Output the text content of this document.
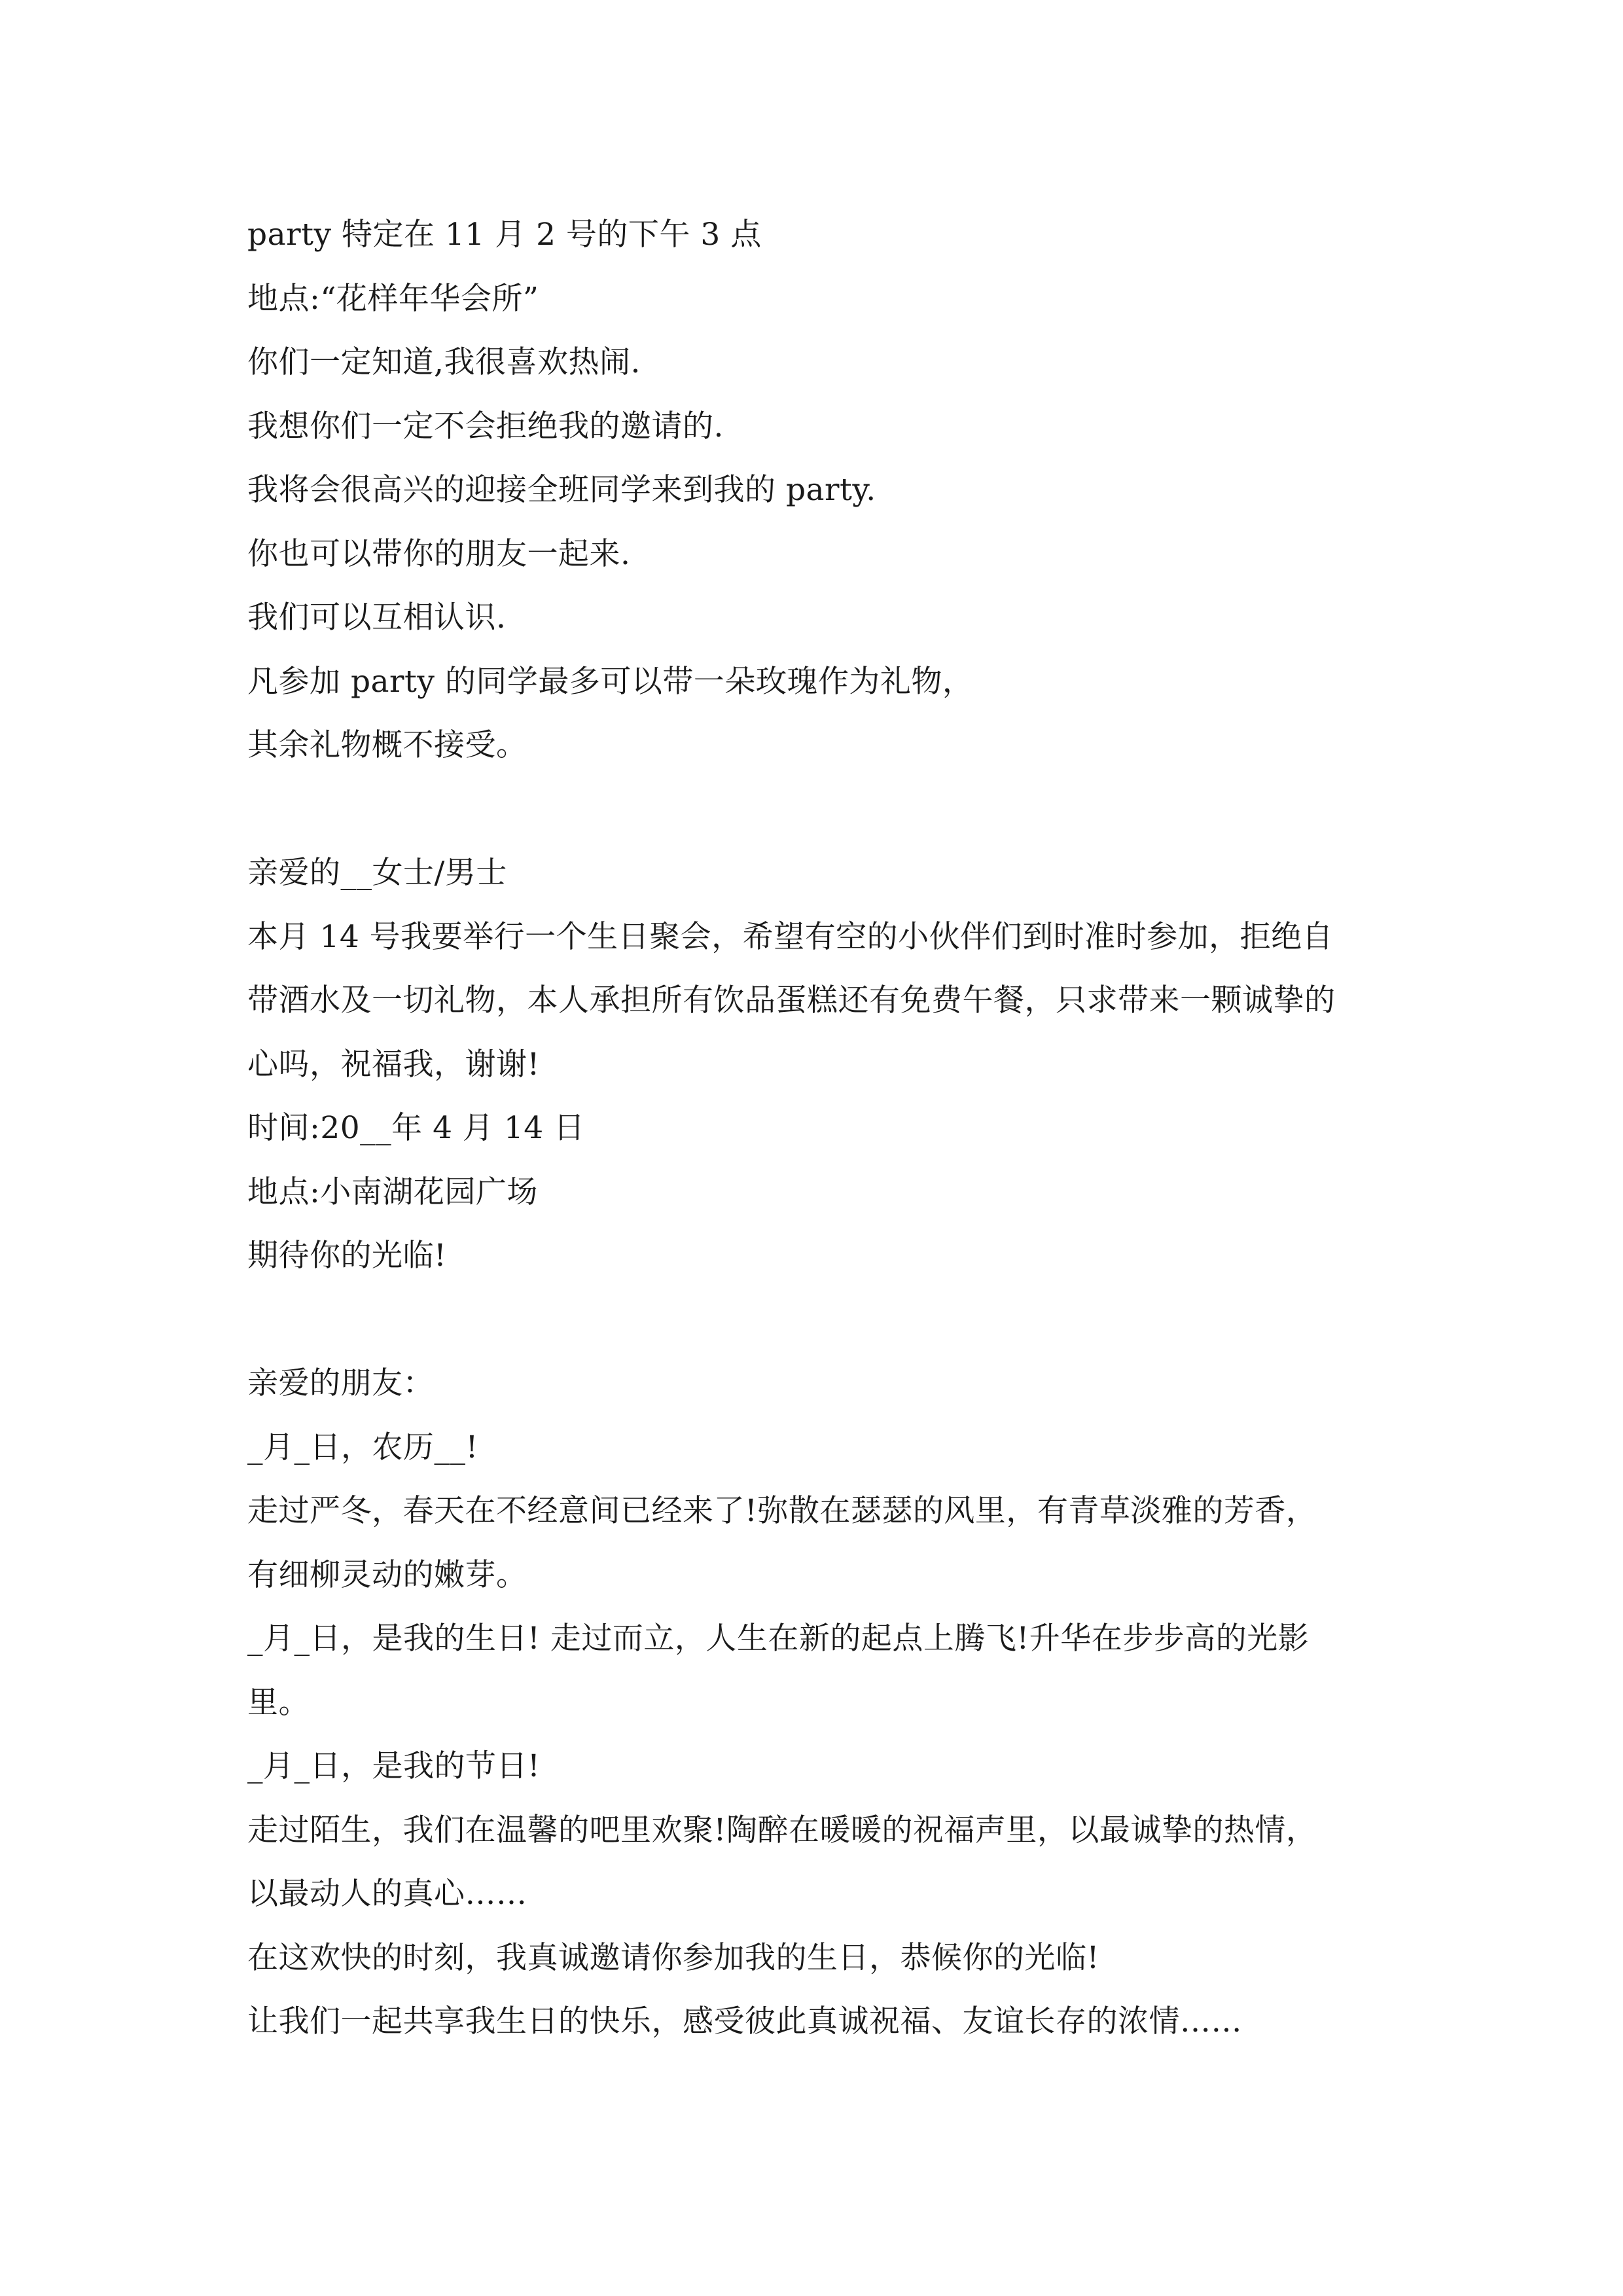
party 特定在 11 月 2 号的下午 3 点
地点:“花样年华会所”
你们一定知道,我很喜欢热闹.
我想你们一定不会拒绝我的邀请的.
我将会很高兴的迎接全班同学来到我的 party.
你也可以带你的朋友一起来.
我们可以互相认识.
凡参加 party 的同学最多可以带一朵玫瑰作为礼物，
其余礼物概不接受。
亲爱的__女士/男士
本月 14 号我要举行一个生日聚会，希望有空的小伙伴们到时准时参加，拒绝自
带酒水及一切礼物，本人承担所有饮品蛋糕还有免费午餐，只求带来一颗诚挚的
心吗，祝福我，谢谢!
时间:20__年 4 月 14 日
地点:小南湖花园广场
期待你的光临!
亲爱的朋友：
_月_日，农历__!
走过严冬，春天在不经意间已经来了!弥散在瑟瑟的风里，有青草淡雅的芳香，
有细柳灵动的嫩芽。
_月_日，是我的生日! 走过而立，人生在新的起点上腾飞!升华在步步高的光影
里。
_月_日，是我的节日!
走过陌生，我们在温馨的吧里欢聚!陶醉在暖暖的祝福声里，以最诚挚的热情，
以最动人的真心……
在这欢快的时刻，我真诚邀请你参加我的生日，恭候你的光临!
让我们一起共享我生日的快乐，感受彼此真诚祝福、友谊长存的浓情……
